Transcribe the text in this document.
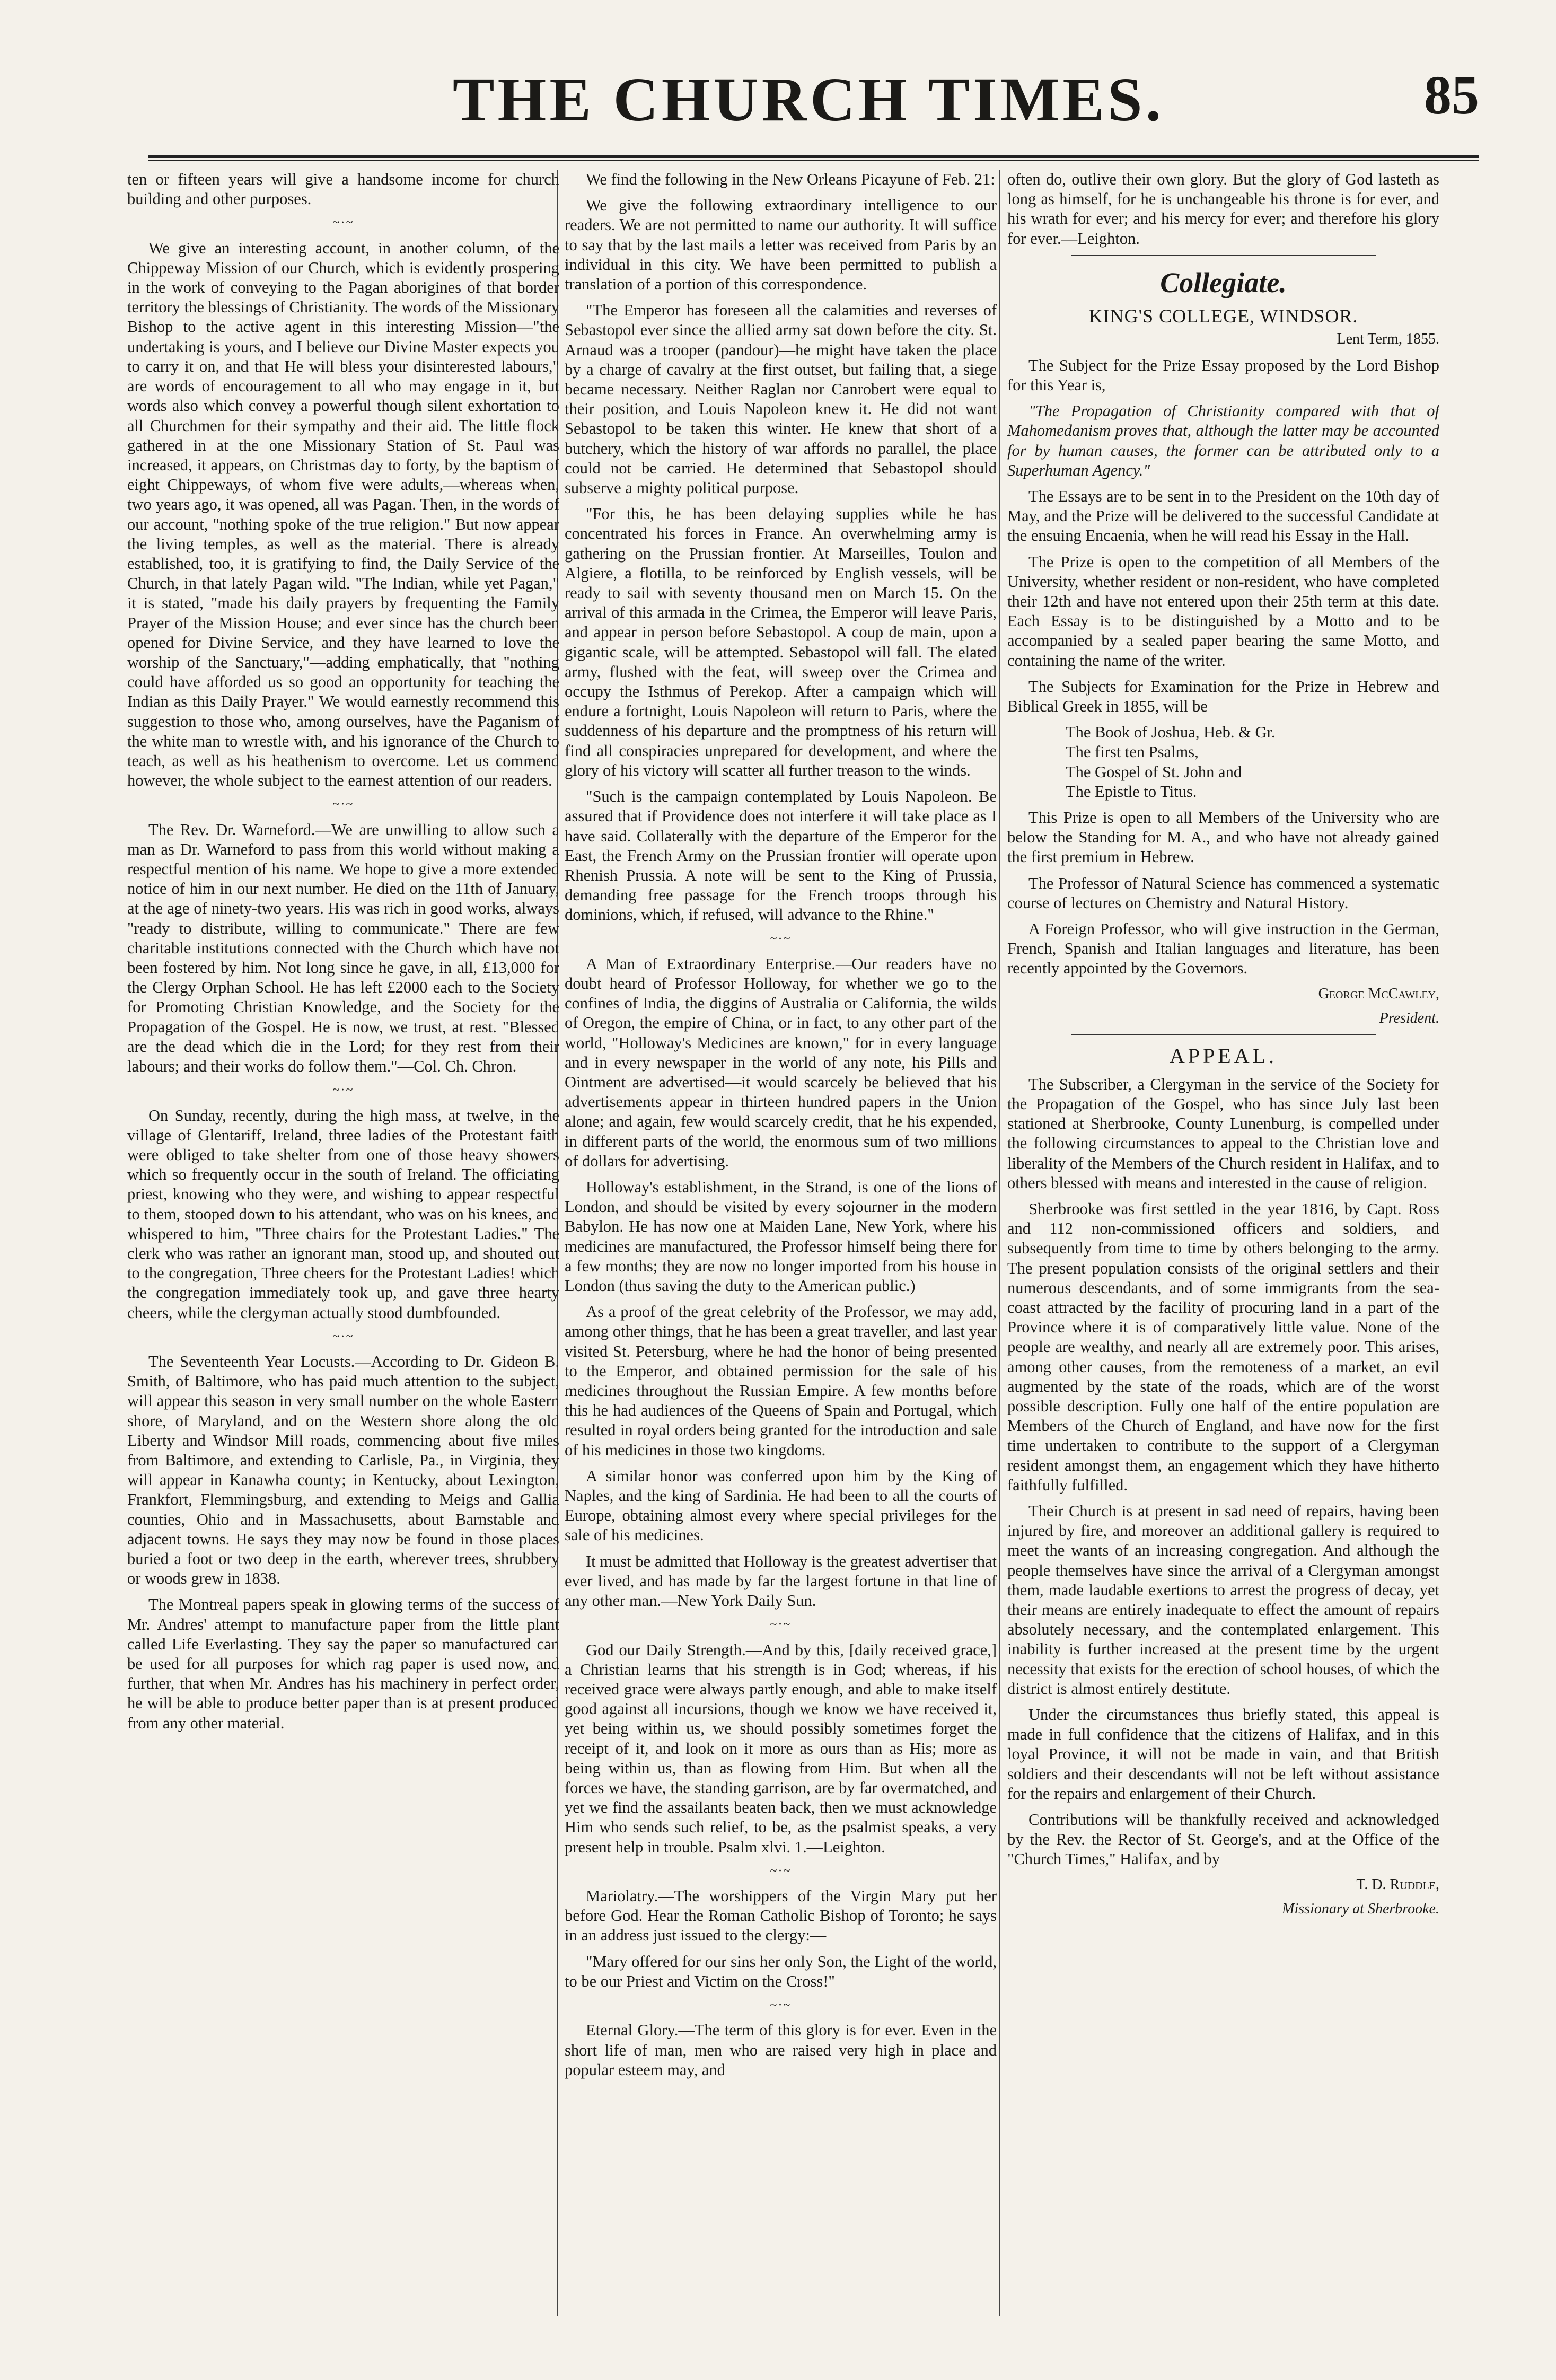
THE CHURCH TIMES.	85

ten or fifteen years will give a handsome income for church building and other purposes.

~·~

We give an interesting account, in another column, of the Chippeway Mission of our Church, which is evidently prospering in the work of conveying to the Pagan aborigines of that border territory the blessings of Christianity. The words of the Missionary Bishop to the active agent in this interesting Mission—"the undertaking is yours, and I believe our Divine Master expects you to carry it on, and that He will bless your disinterested labours," are words of encouragement to all who may engage in it, but words also which convey a powerful though silent exhortation to all Churchmen for their sympathy and their aid. The little flock gathered in at the one Missionary Station of St. Paul was increased, it appears, on Christmas day to forty, by the baptism of eight Chippeways, of whom five were adults,—whereas when, two years ago, it was opened, all was Pagan. Then, in the words of our account, "nothing spoke of the true religion." But now appear the living temples, as well as the material. There is already established, too, it is gratifying to find, the Daily Service of the Church, in that lately Pagan wild. "The Indian, while yet Pagan," it is stated, "made his daily prayers by frequenting the Family Prayer of the Mission House; and ever since has the church been opened for Divine Service, and they have learned to love the worship of the Sanctuary,"—adding emphatically, that "nothing could have afforded us so good an opportunity for teaching the Indian as this Daily Prayer." We would earnestly recommend this suggestion to those who, among ourselves, have the Paganism of the white man to wrestle with, and his ignorance of the Church to teach, as well as his heathenism to overcome. Let us commend however, the whole subject to the earnest attention of our readers.

~·~

The Rev. Dr. Warneford.—We are unwilling to allow such a man as Dr. Warneford to pass from this world without making a respectful mention of his name. We hope to give a more extended notice of him in our next number. He died on the 11th of January, at the age of ninety-two years. His was rich in good works, always "ready to distribute, willing to communicate." There are few charitable institutions connected with the Church which have not been fostered by him. Not long since he gave, in all, £13,000 for the Clergy Orphan School. He has left £2000 each to the Society for Promoting Christian Knowledge, and the Society for the Propagation of the Gospel. He is now, we trust, at rest. "Blessed are the dead which die in the Lord; for they rest from their labours; and their works do follow them."—Col. Ch. Chron.

~·~

On Sunday, recently, during the high mass, at twelve, in the village of Glentariff, Ireland, three ladies of the Protestant faith were obliged to take shelter from one of those heavy showers which so frequently occur in the south of Ireland. The officiating priest, knowing who they were, and wishing to appear respectful to them, stooped down to his attendant, who was on his knees, and whispered to him, "Three chairs for the Protestant Ladies." The clerk who was rather an ignorant man, stood up, and shouted out to the congregation, Three cheers for the Protestant Ladies! which the congregation immediately took up, and gave three hearty cheers, while the clergyman actually stood dumbfounded.

~·~

The Seventeenth Year Locusts.—According to Dr. Gideon B. Smith, of Baltimore, who has paid much attention to the subject, will appear this season in very small number on the whole Eastern shore, of Maryland, and on the Western shore along the old Liberty and Windsor Mill roads, commencing about five miles from Baltimore, and extending to Carlisle, Pa., in Virginia, they will appear in Kanawha county; in Kentucky, about Lexington, Frankfort, Flemmingsburg, and extending to Meigs and Gallia counties, Ohio and in Massachusetts, about Barnstable and adjacent towns. He says they may now be found in those places buried a foot or two deep in the earth, wherever trees, shrubbery or woods grew in 1838.

The Montreal papers speak in glowing terms of the success of Mr. Andres' attempt to manufacture paper from the little plant called Life Everlasting. They say the paper so manufactured can be used for all purposes for which rag paper is used now, and further, that when Mr. Andres has his machinery in perfect order, he will be able to produce better paper than is at present produced from any other material.

We find the following in the New Orleans Picayune of Feb. 21:

We give the following extraordinary intelligence to our readers. We are not permitted to name our authority. It will suffice to say that by the last mails a letter was received from Paris by an individual in this city. We have been permitted to publish a translation of a portion of this correspondence.

"The Emperor has foreseen all the calamities and reverses of Sebastopol ever since the allied army sat down before the city. St. Arnaud was a trooper (pandour)—he might have taken the place by a charge of cavalry at the first outset, but failing that, a siege became necessary. Neither Raglan nor Canrobert were equal to their position, and Louis Napoleon knew it. He did not want Sebastopol to be taken this winter. He knew that short of a butchery, which the history of war affords no parallel, the place could not be carried. He determined that Sebastopol should subserve a mighty political purpose.

"For this, he has been delaying supplies while he has concentrated his forces in France. An overwhelming army is gathering on the Prussian frontier. At Marseilles, Toulon and Algiere, a flotilla, to be reinforced by English vessels, will be ready to sail with seventy thousand men on March 15. On the arrival of this armada in the Crimea, the Emperor will leave Paris, and appear in person before Sebastopol. A coup de main, upon a gigantic scale, will be attempted. Sebastopol will fall. The elated army, flushed with the feat, will sweep over the Crimea and occupy the Isthmus of Perekop. After a campaign which will endure a fortnight, Louis Napoleon will return to Paris, where the suddenness of his departure and the promptness of his return will find all conspiracies unprepared for development, and where the glory of his victory will scatter all further treason to the winds.

"Such is the campaign contemplated by Louis Napoleon. Be assured that if Providence does not interfere it will take place as I have said. Collaterally with the departure of the Emperor for the East, the French Army on the Prussian frontier will operate upon Rhenish Prussia. A note will be sent to the King of Prussia, demanding free passage for the French troops through his dominions, which, if refused, will advance to the Rhine."

~·~

A Man of Extraordinary Enterprise.—Our readers have no doubt heard of Professor Holloway, for whether we go to the confines of India, the diggins of Australia or California, the wilds of Oregon, the empire of China, or in fact, to any other part of the world, "Holloway's Medicines are known," for in every language and in every newspaper in the world of any note, his Pills and Ointment are advertised—it would scarcely be believed that his advertisements appear in thirteen hundred papers in the Union alone; and again, few would scarcely credit, that he his expended, in different parts of the world, the enormous sum of two millions of dollars for advertising.

Holloway's establishment, in the Strand, is one of the lions of London, and should be visited by every sojourner in the modern Babylon. He has now one at Maiden Lane, New York, where his medicines are manufactured, the Professor himself being there for a few months; they are now no longer imported from his house in London (thus saving the duty to the American public.)

As a proof of the great celebrity of the Professor, we may add, among other things, that he has been a great traveller, and last year visited St. Petersburg, where he had the honor of being presented to the Emperor, and obtained permission for the sale of his medicines throughout the Russian Empire. A few months before this he had audiences of the Queens of Spain and Portugal, which resulted in royal orders being granted for the introduction and sale of his medicines in those two kingdoms.

A similar honor was conferred upon him by the King of Naples, and the king of Sardinia. He had been to all the courts of Europe, obtaining almost every where special privileges for the sale of his medicines.

It must be admitted that Holloway is the greatest advertiser that ever lived, and has made by far the largest fortune in that line of any other man.—New York Daily Sun.

~·~

God our Daily Strength.—And by this, [daily received grace,] a Christian learns that his strength is in God; whereas, if his received grace were always partly enough, and able to make itself good against all incursions, though we know we have received it, yet being within us, we should possibly sometimes forget the receipt of it, and look on it more as ours than as His; more as being within us, than as flowing from Him. But when all the forces we have, the standing garrison, are by far overmatched, and yet we find the assailants beaten back, then we must acknowledge Him who sends such relief, to be, as the psalmist speaks, a very present help in trouble. Psalm xlvi. 1.—Leighton.

~·~

Mariolatry.—The worshippers of the Virgin Mary put her before God. Hear the Roman Catholic Bishop of Toronto; he says in an address just issued to the clergy:—

"Mary offered for our sins her only Son, the Light of the world, to be our Priest and Victim on the Cross!"

~·~

Eternal Glory.—The term of this glory is for ever. Even in the short life of man, men who are raised very high in place and popular esteem may, and

often do, outlive their own glory. But the glory of God lasteth as long as himself, for he is unchangeable his throne is for ever, and his wrath for ever; and his mercy for ever; and therefore his glory for ever.—Leighton.

Collegiate.
KING'S COLLEGE, WINDSOR.
Lent Term, 1855.

The Subject for the Prize Essay proposed by the Lord Bishop for this Year is,

"The Propagation of Christianity compared with that of Mahomedanism proves that, although the latter may be accounted for by human causes, the former can be attributed only to a Superhuman Agency."

The Essays are to be sent in to the President on the 10th day of May, and the Prize will be delivered to the successful Candidate at the ensuing Encaenia, when he will read his Essay in the Hall.

The Prize is open to the competition of all Members of the University, whether resident or non-resident, who have completed their 12th and have not entered upon their 25th term at this date. Each Essay is to be distinguished by a Motto and to be accompanied by a sealed paper bearing the same Motto, and containing the name of the writer.

The Subjects for Examination for the Prize in Hebrew and Biblical Greek in 1855, will be

The Book of Joshua, Heb. & Gr.

The first ten Psalms,

The Gospel of St. John and

The Epistle to Titus.

This Prize is open to all Members of the University who are below the Standing for M. A., and who have not already gained the first premium in Hebrew.

The Professor of Natural Science has commenced a systematic course of lectures on Chemistry and Natural History.

A Foreign Professor, who will give instruction in the German, French, Spanish and Italian languages and literature, has been recently appointed by the Governors.

George McCawley,

President.

APPEAL.

The Subscriber, a Clergyman in the service of the Society for the Propagation of the Gospel, who has since July last been stationed at Sherbrooke, County Lunenburg, is compelled under the following circumstances to appeal to the Christian love and liberality of the Members of the Church resident in Halifax, and to others blessed with means and interested in the cause of religion.

Sherbrooke was first settled in the year 1816, by Capt. Ross and 112 non-commissioned officers and soldiers, and subsequently from time to time by others belonging to the army. The present population consists of the original settlers and their numerous descendants, and of some immigrants from the sea-coast attracted by the facility of procuring land in a part of the Province where it is of comparatively little value. None of the people are wealthy, and nearly all are extremely poor. This arises, among other causes, from the remoteness of a market, an evil augmented by the state of the roads, which are of the worst possible description. Fully one half of the entire population are Members of the Church of England, and have now for the first time undertaken to contribute to the support of a Clergyman resident amongst them, an engagement which they have hitherto faithfully fulfilled.

Their Church is at present in sad need of repairs, having been injured by fire, and moreover an additional gallery is required to meet the wants of an increasing congregation. And although the people themselves have since the arrival of a Clergyman amongst them, made laudable exertions to arrest the progress of decay, yet their means are entirely inadequate to effect the amount of repairs absolutely necessary, and the contemplated enlargement. This inability is further increased at the present time by the urgent necessity that exists for the erection of school houses, of which the district is almost entirely destitute.

Under the circumstances thus briefly stated, this appeal is made in full confidence that the citizens of Halifax, and in this loyal Province, it will not be made in vain, and that British soldiers and their descendants will not be left without assistance for the repairs and enlargement of their Church.

Contributions will be thankfully received and acknowledged by the Rev. the Rector of St. George's, and at the Office of the "Church Times," Halifax, and by

T. D. Ruddle,

Missionary at Sherbrooke.
